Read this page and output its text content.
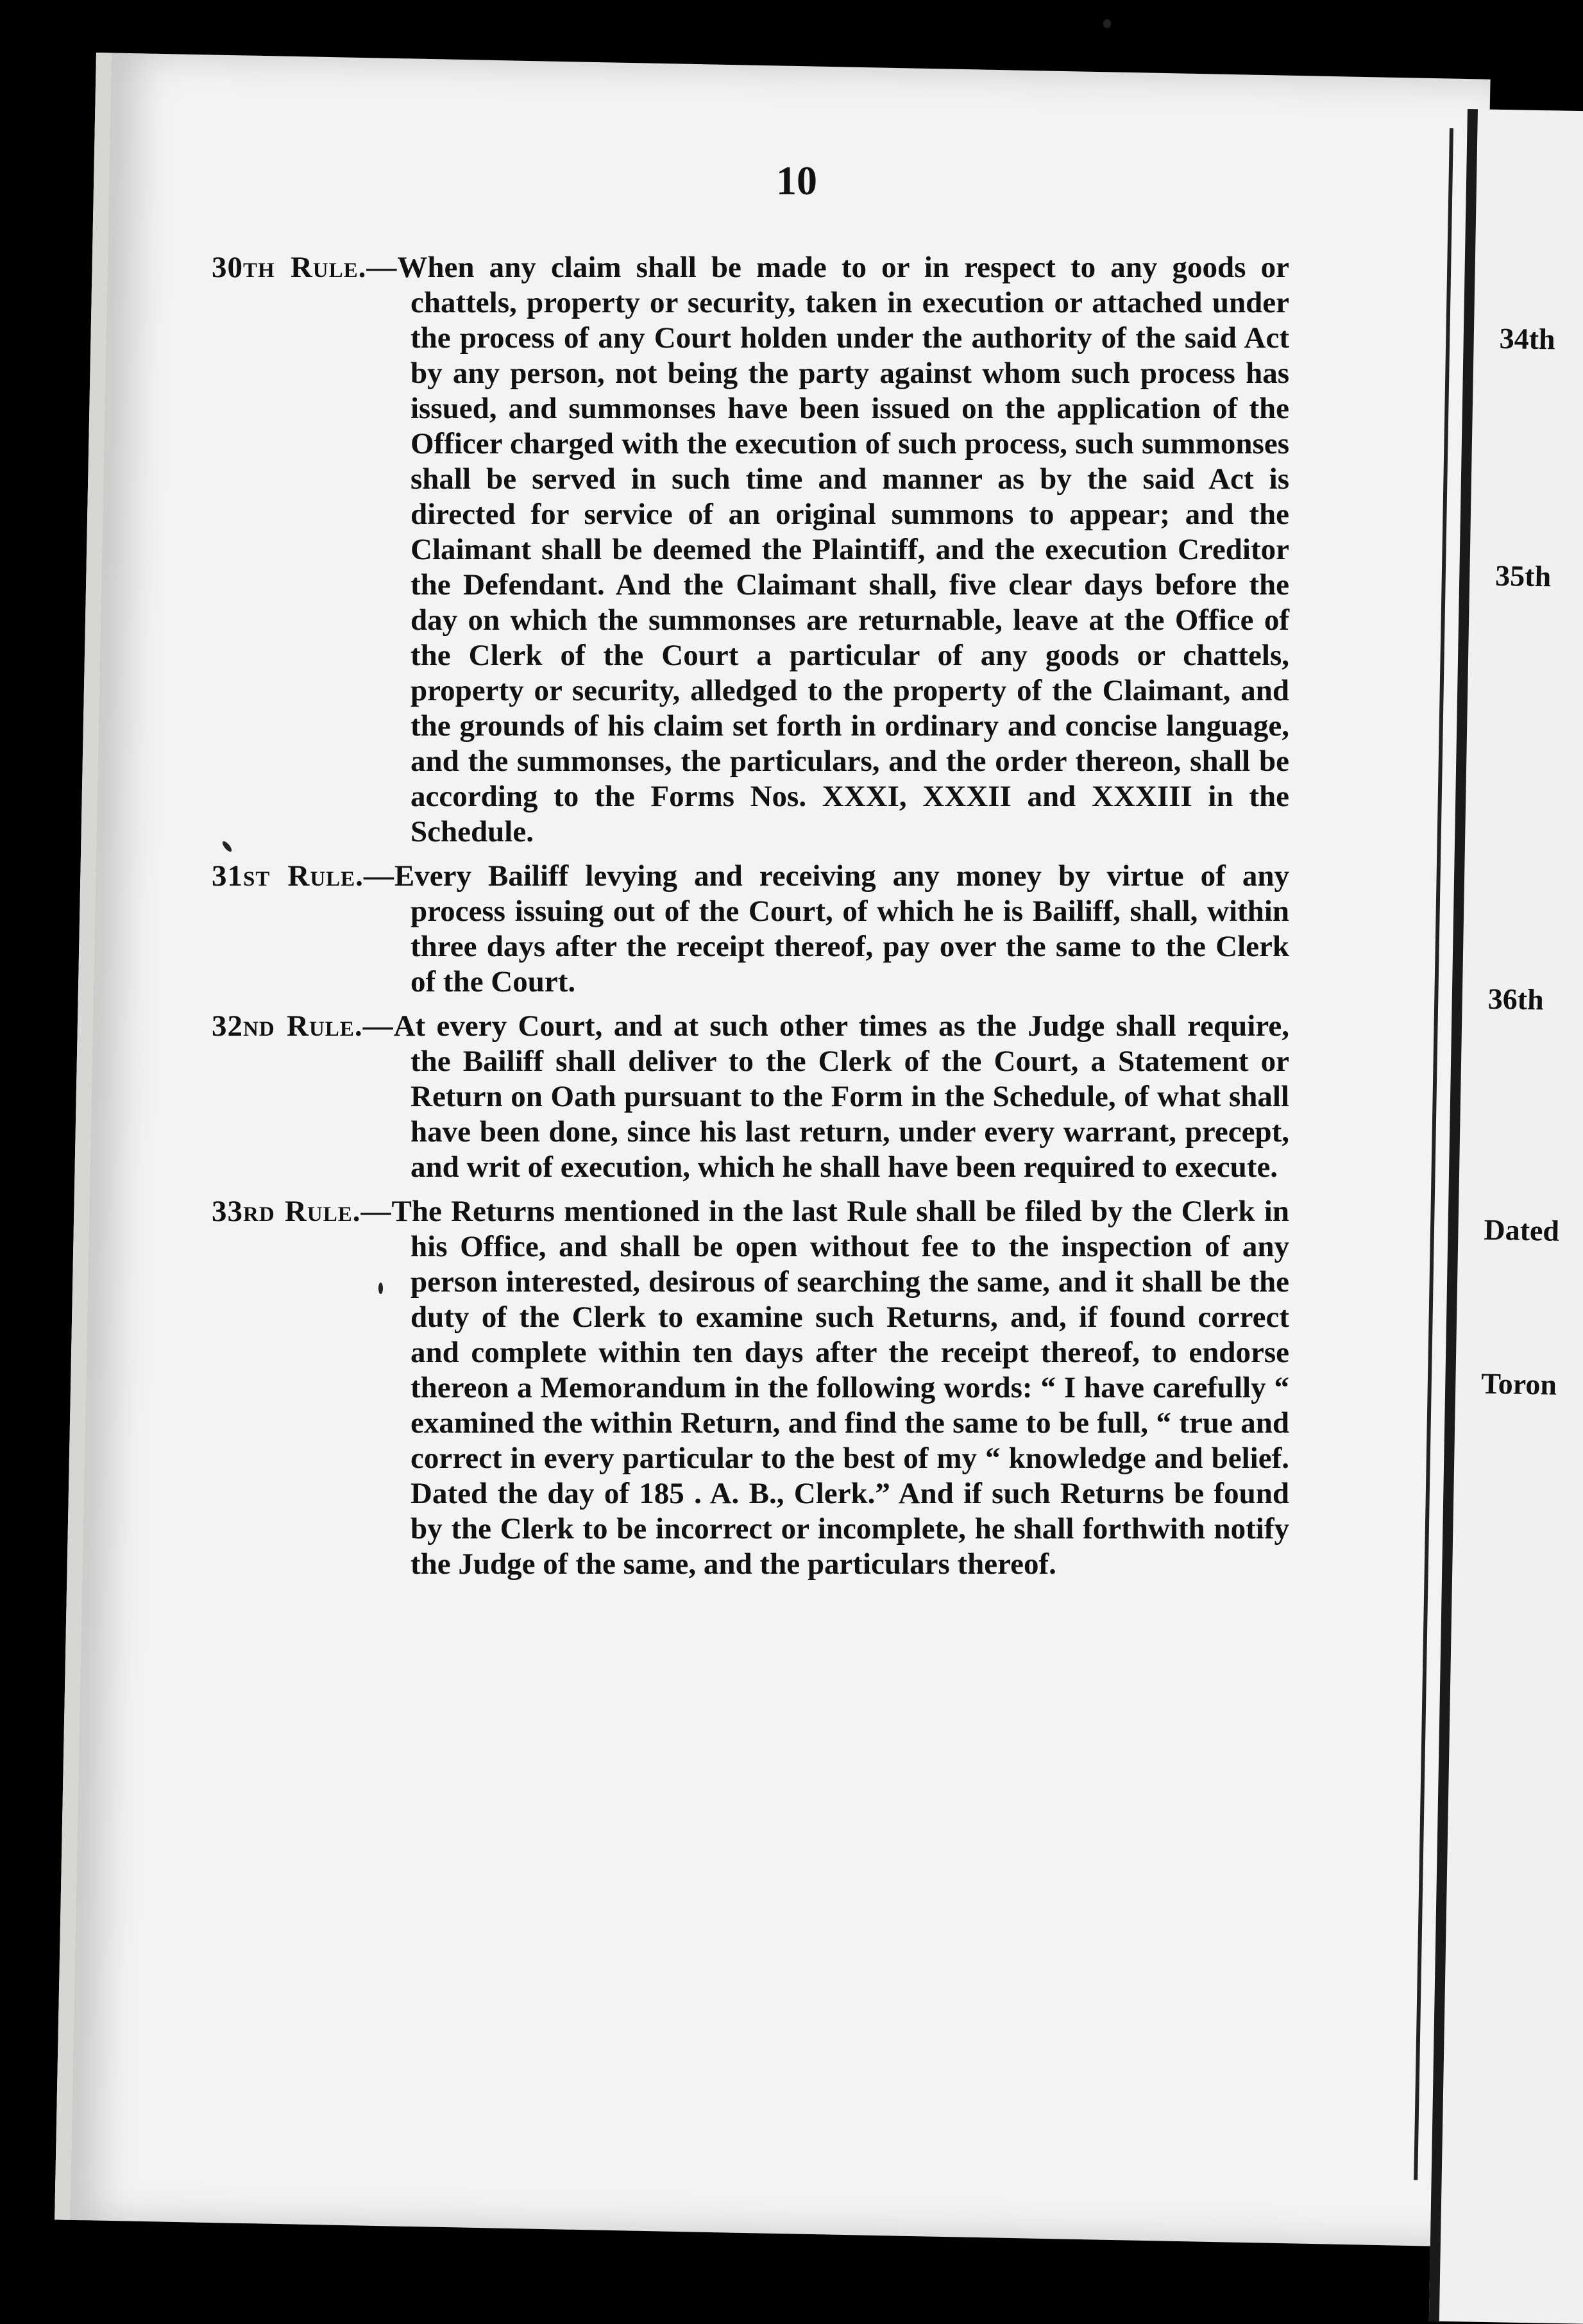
34th
35th
36th
Dated
Toron
10

30th Rule.—When any claim shall be made to or in respect to any goods or chattels, property or security, taken in execution or attached under the process of any Court holden under the authority of the said Act by any person, not being the party against whom such process has issued, and summonses have been issued on the application of the Officer charged with the execution of such process, such summonses shall be served in such time and manner as by the said Act is directed for service of an original summons to appear; and the Claimant shall be deemed the Plaintiff, and the execution Creditor the Defendant. And the Claimant shall, five clear days before the day on which the summonses are returnable, leave at the Office of the Clerk of the Court a particular of any goods or chattels, property or security, alledged to the property of the Claimant, and the grounds of his claim set forth in ordinary and concise language, and the summonses, the particulars, and the order thereon, shall be according to the Forms Nos. XXXI, XXXII and XXXIII in the Schedule.

31st Rule.—Every Bailiff levying and receiving any money by virtue of any process issuing out of the Court, of which he is Bailiff, shall, within three days after the receipt thereof, pay over the same to the Clerk of the Court.

32nd Rule.—At every Court, and at such other times as the Judge shall require, the Bailiff shall deliver to the Clerk of the Court, a Statement or Return on Oath pursuant to the Form in the Schedule, of what shall have been done, since his last return, under every warrant, precept, and writ of execution, which he shall have been required to execute.

33rd Rule.—The Returns mentioned in the last Rule shall be filed by the Clerk in his Office, and shall be open without fee to the inspection of any person interested, desirous of searching the same, and it shall be the duty of the Clerk to examine such Returns, and, if found correct and complete within ten days after the receipt thereof, to endorse thereon a Memorandum in the following words: “ I have carefully “ examined the within Return, and find the same to be full, “ true and correct in every particular to the best of my “ knowledge and belief. Dated the day of 185 . A. B., Clerk.” And if such Returns be found by the Clerk to be incorrect or incomplete, he shall forthwith notify the Judge of the same, and the particulars thereof.
